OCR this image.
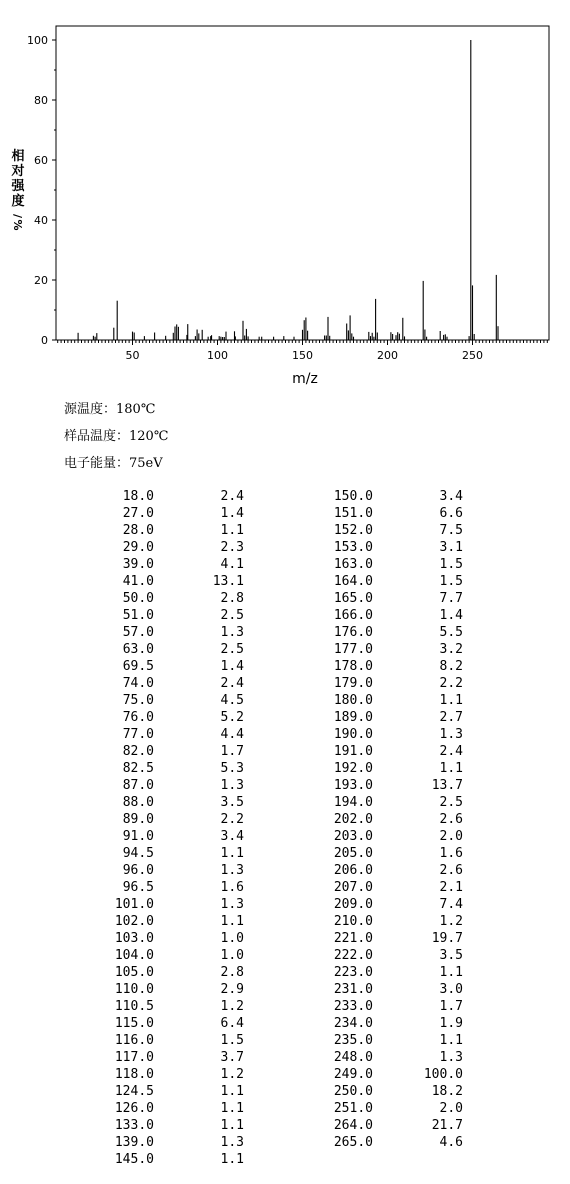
相
对
强
度
/
%
m/z
0
20
40
60
80
100
50	100	150	200	250
源温度：180℃
样品温度：120℃
电子能量：75eV
18.0	2.4
27.0	1.4
28.0	1.1
29.0	2.3
39.0	4.1
41.0	13.1
50.0	2.8
51.0	2.5
57.0	1.3
63.0	2.5
69.5	1.4
74.0	2.4
75.0	4.5
76.0	5.2
77.0	4.4
82.0	1.7
82.5	5.3
87.0	1.3
88.0	3.5
89.0	2.2
91.0	3.4
94.5	1.1
96.0	1.3
96.5	1.6
101.0	1.3
102.0	1.1
103.0	1.0
104.0	1.0
105.0	2.8
110.0	2.9
110.5	1.2
115.0	6.4
116.0	1.5
117.0	3.7
118.0	1.2
124.5	1.1
126.0	1.1
133.0	1.1
139.0	1.3
145.0	1.1
150.0	3.4
151.0	6.6
152.0	7.5
153.0	3.1
163.0	1.5
164.0	1.5
165.0	7.7
166.0	1.4
176.0	5.5
177.0	3.2
178.0	8.2
179.0	2.2
180.0	1.1
189.0	2.7
190.0	1.3
191.0	2.4
192.0	1.1
193.0	13.7
194.0	2.5
202.0	2.6
203.0	2.0
205.0	1.6
206.0	2.6
207.0	2.1
209.0	7.4
210.0	1.2
221.0	19.7
222.0	3.5
223.0	1.1
231.0	3.0
233.0	1.7
234.0	1.9
235.0	1.1
248.0	1.3
249.0	100.0
250.0	18.2
251.0	2.0
264.0	21.7
265.0	4.6
